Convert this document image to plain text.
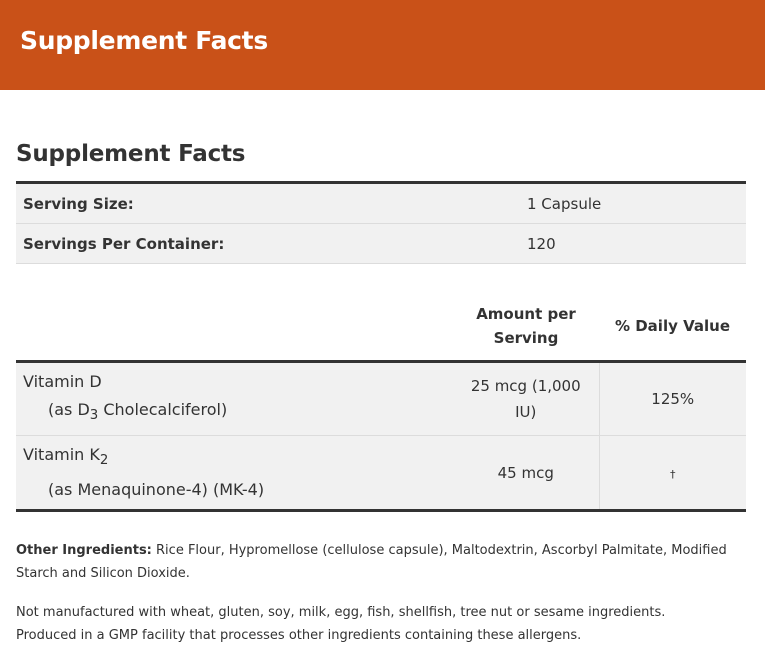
Supplement Facts
Supplement Facts
Serving Size:	1 Capsule
Servings Per Container:	120
	Amount per Serving	% Daily Value

Vitamin D
(as $D_3$ Cholecalciferol)	25 mcg (1,000 IU)	125%

Vitamin $K_2$
(as Menaquinone-4) (MK-4)	45 mcg	†

Other Ingredients: Rice Flour, Hypromellose (cellulose capsule), Maltodextrin, Ascorbyl Palmitate, Modified Starch and Silicon Dioxide.

Not manufactured with wheat, gluten, soy, milk, egg, fish, shellfish, tree nut or sesame ingredients.
Produced in a GMP facility that processes other ingredients containing these allergens.
